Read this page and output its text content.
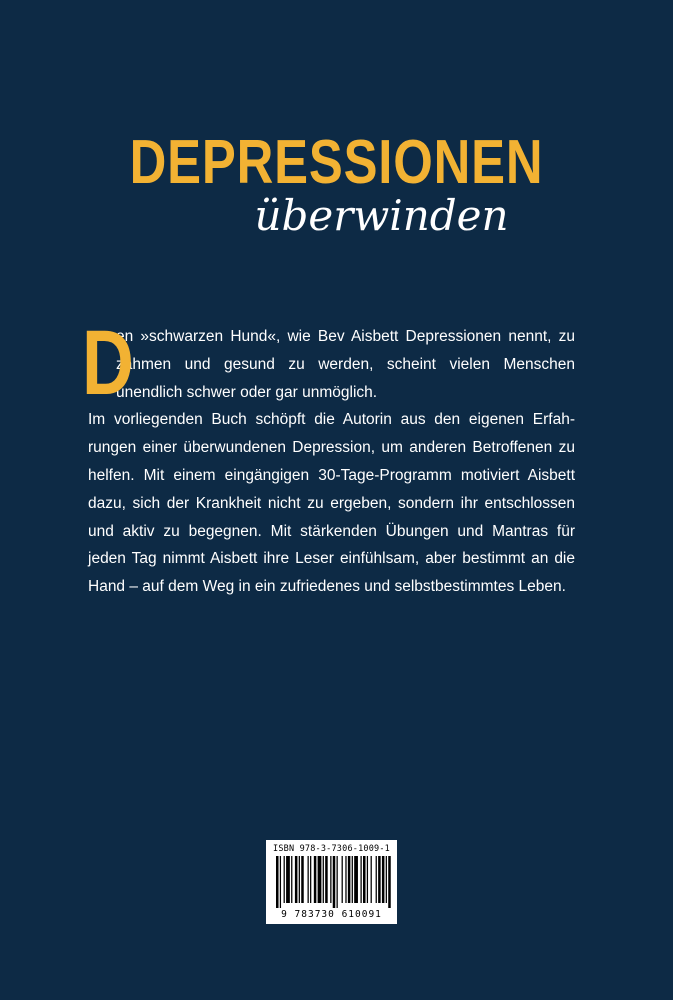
DEPRESSIONEN
überwinden
D
en »schwarzen Hund«, wie Bev Aisbett Depressionen nennt, zu zähmen und gesund zu werden, scheint vielen Menschen unendlich schwer oder gar unmöglich.
Im vorliegenden Buch schöpft die Autorin aus den eigenen Erfahrungen einer überwundenen Depression, um anderen Betroffenen zu helfen. Mit einem eingängigen 30-Tage-Programm motiviert Aisbett dazu, sich der Krankheit nicht zu ergeben, sondern ihr entschlossen und aktiv zu begegnen. Mit stärkenden Übungen und Mantras für jeden Tag nimmt Aisbett ihre Leser einfühlsam, aber bestimmt an die Hand – auf dem Weg in ein zufriedenes und selbstbestimmtes Leben.
ISBN 978-3-7306-1009-1
9 783730 610091
